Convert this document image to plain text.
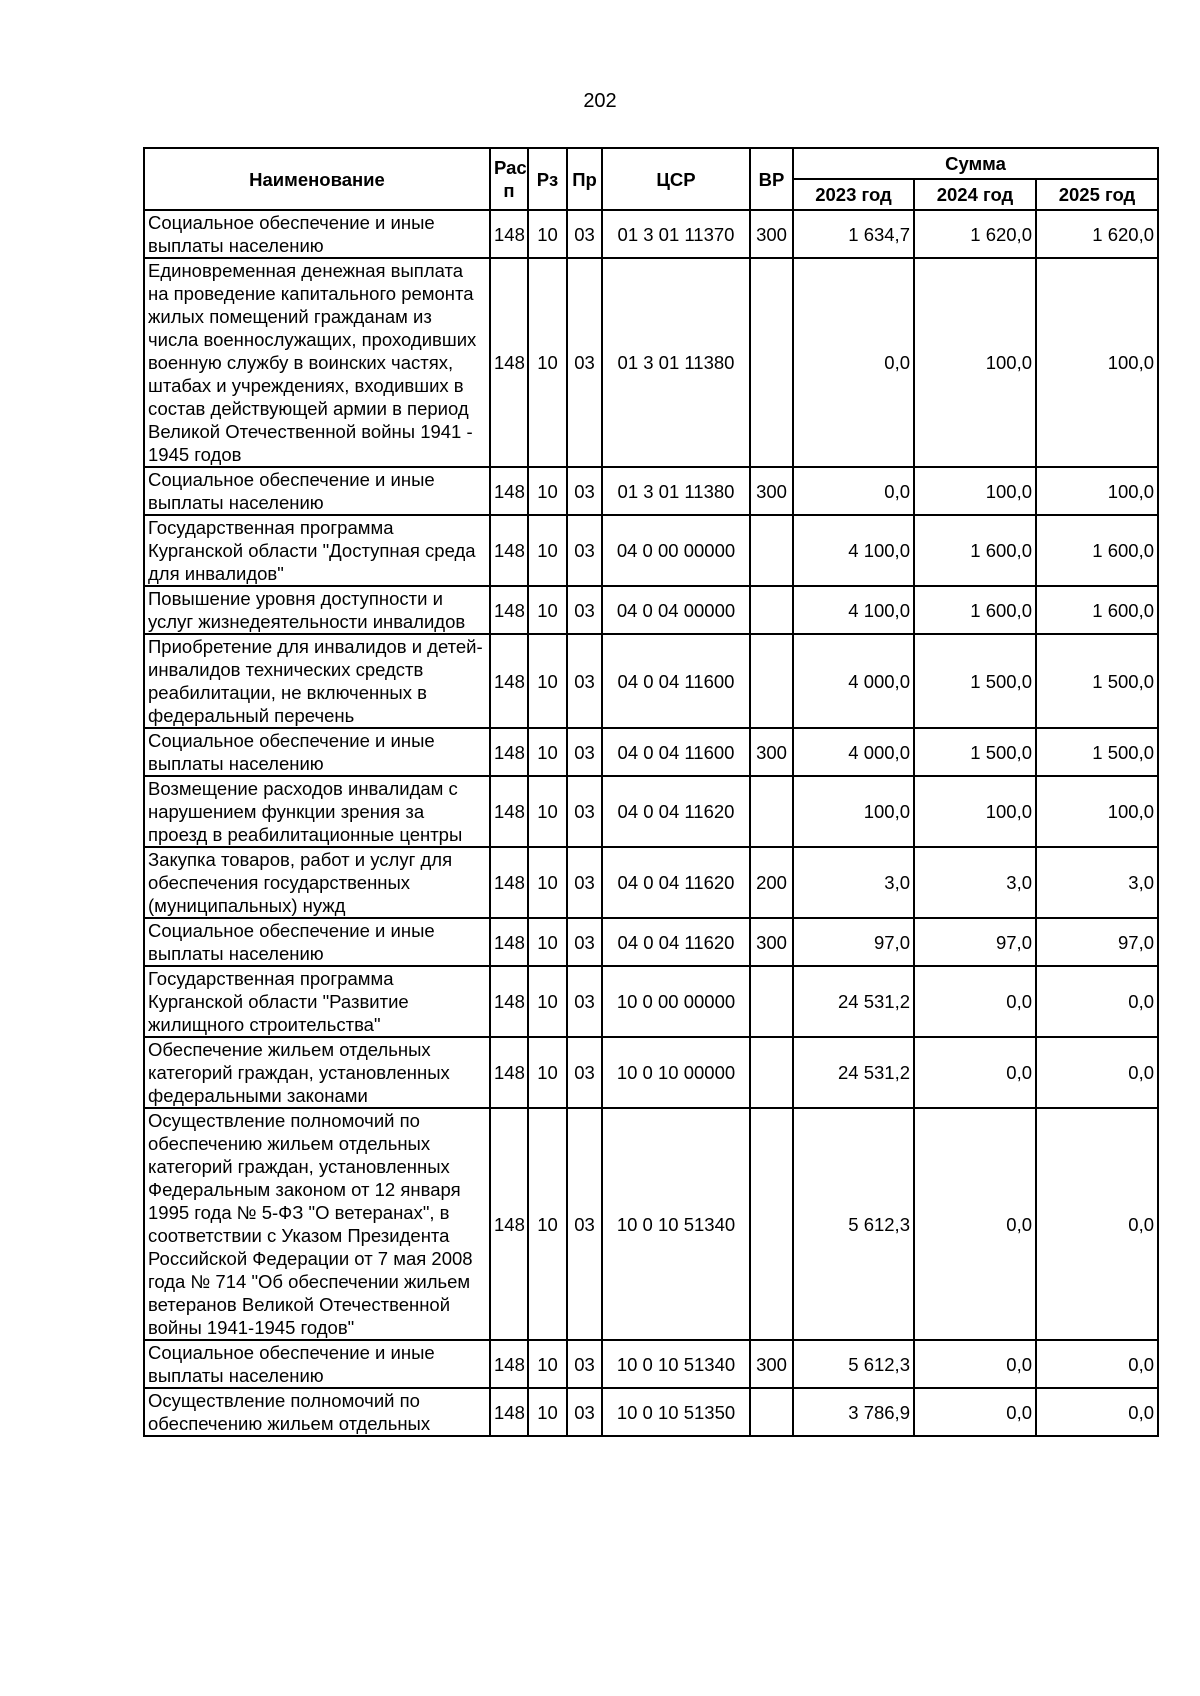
202
Наименование	Рас п	Рз	Пр	ЦСР	ВР	Сумма		
						2023 год	2024 год	2025 год
Социальное обеспечение и иные выплаты населению	148	10	03	01 3 01 11370	300	1 634,7	1 620,0	1 620,0
Единовременная денежная выплата на проведение капитального ремонта жилых помещений гражданам из числа военнослужащих, проходивших военную службу в воинских частях, штабах и учреждениях, входивших в состав действующей армии в период Великой Отечественной войны 1941 - 1945 годов	148	10	03	01 3 01 11380		0,0	100,0	100,0
Социальное обеспечение и иные выплаты населению	148	10	03	01 3 01 11380	300	0,0	100,0	100,0
Государственная программа Курганской области "Доступная среда для инвалидов"	148	10	03	04 0 00 00000		4 100,0	1 600,0	1 600,0
Повышение уровня доступности и услуг жизнедеятельности инвалидов	148	10	03	04 0 04 00000		4 100,0	1 600,0	1 600,0
Приобретение для инвалидов и детей-инвалидов технических средств реабилитации, не включенных в федеральный перечень	148	10	03	04 0 04 11600		4 000,0	1 500,0	1 500,0
Социальное обеспечение и иные выплаты населению	148	10	03	04 0 04 11600	300	4 000,0	1 500,0	1 500,0
Возмещение расходов инвалидам с нарушением функции зрения за проезд в реабилитационные центры	148	10	03	04 0 04 11620		100,0	100,0	100,0
Закупка товаров, работ и услуг для обеспечения государственных (муниципальных) нужд	148	10	03	04 0 04 11620	200	3,0	3,0	3,0
Социальное обеспечение и иные выплаты населению	148	10	03	04 0 04 11620	300	97,0	97,0	97,0
Государственная программа Курганской области "Развитие жилищного строительства"	148	10	03	10 0 00 00000		24 531,2	0,0	0,0
Обеспечение жильем отдельных категорий граждан, установленных федеральными законами	148	10	03	10 0 10 00000		24 531,2	0,0	0,0
Осуществление полномочий по обеспечению жильем отдельных категорий граждан, установленных Федеральным законом от 12 января 1995 года № 5-ФЗ "О ветеранах", в соответствии с Указом Президента Российской Федерации от 7 мая 2008 года № 714 "Об обеспечении жильем ветеранов Великой Отечественной войны 1941-1945 годов"	148	10	03	10 0 10 51340		5 612,3	0,0	0,0
Социальное обеспечение и иные выплаты населению	148	10	03	10 0 10 51340	300	5 612,3	0,0	0,0
Осуществление полномочий по обеспечению жильем отдельных	148	10	03	10 0 10 51350		3 786,9	0,0	0,0
